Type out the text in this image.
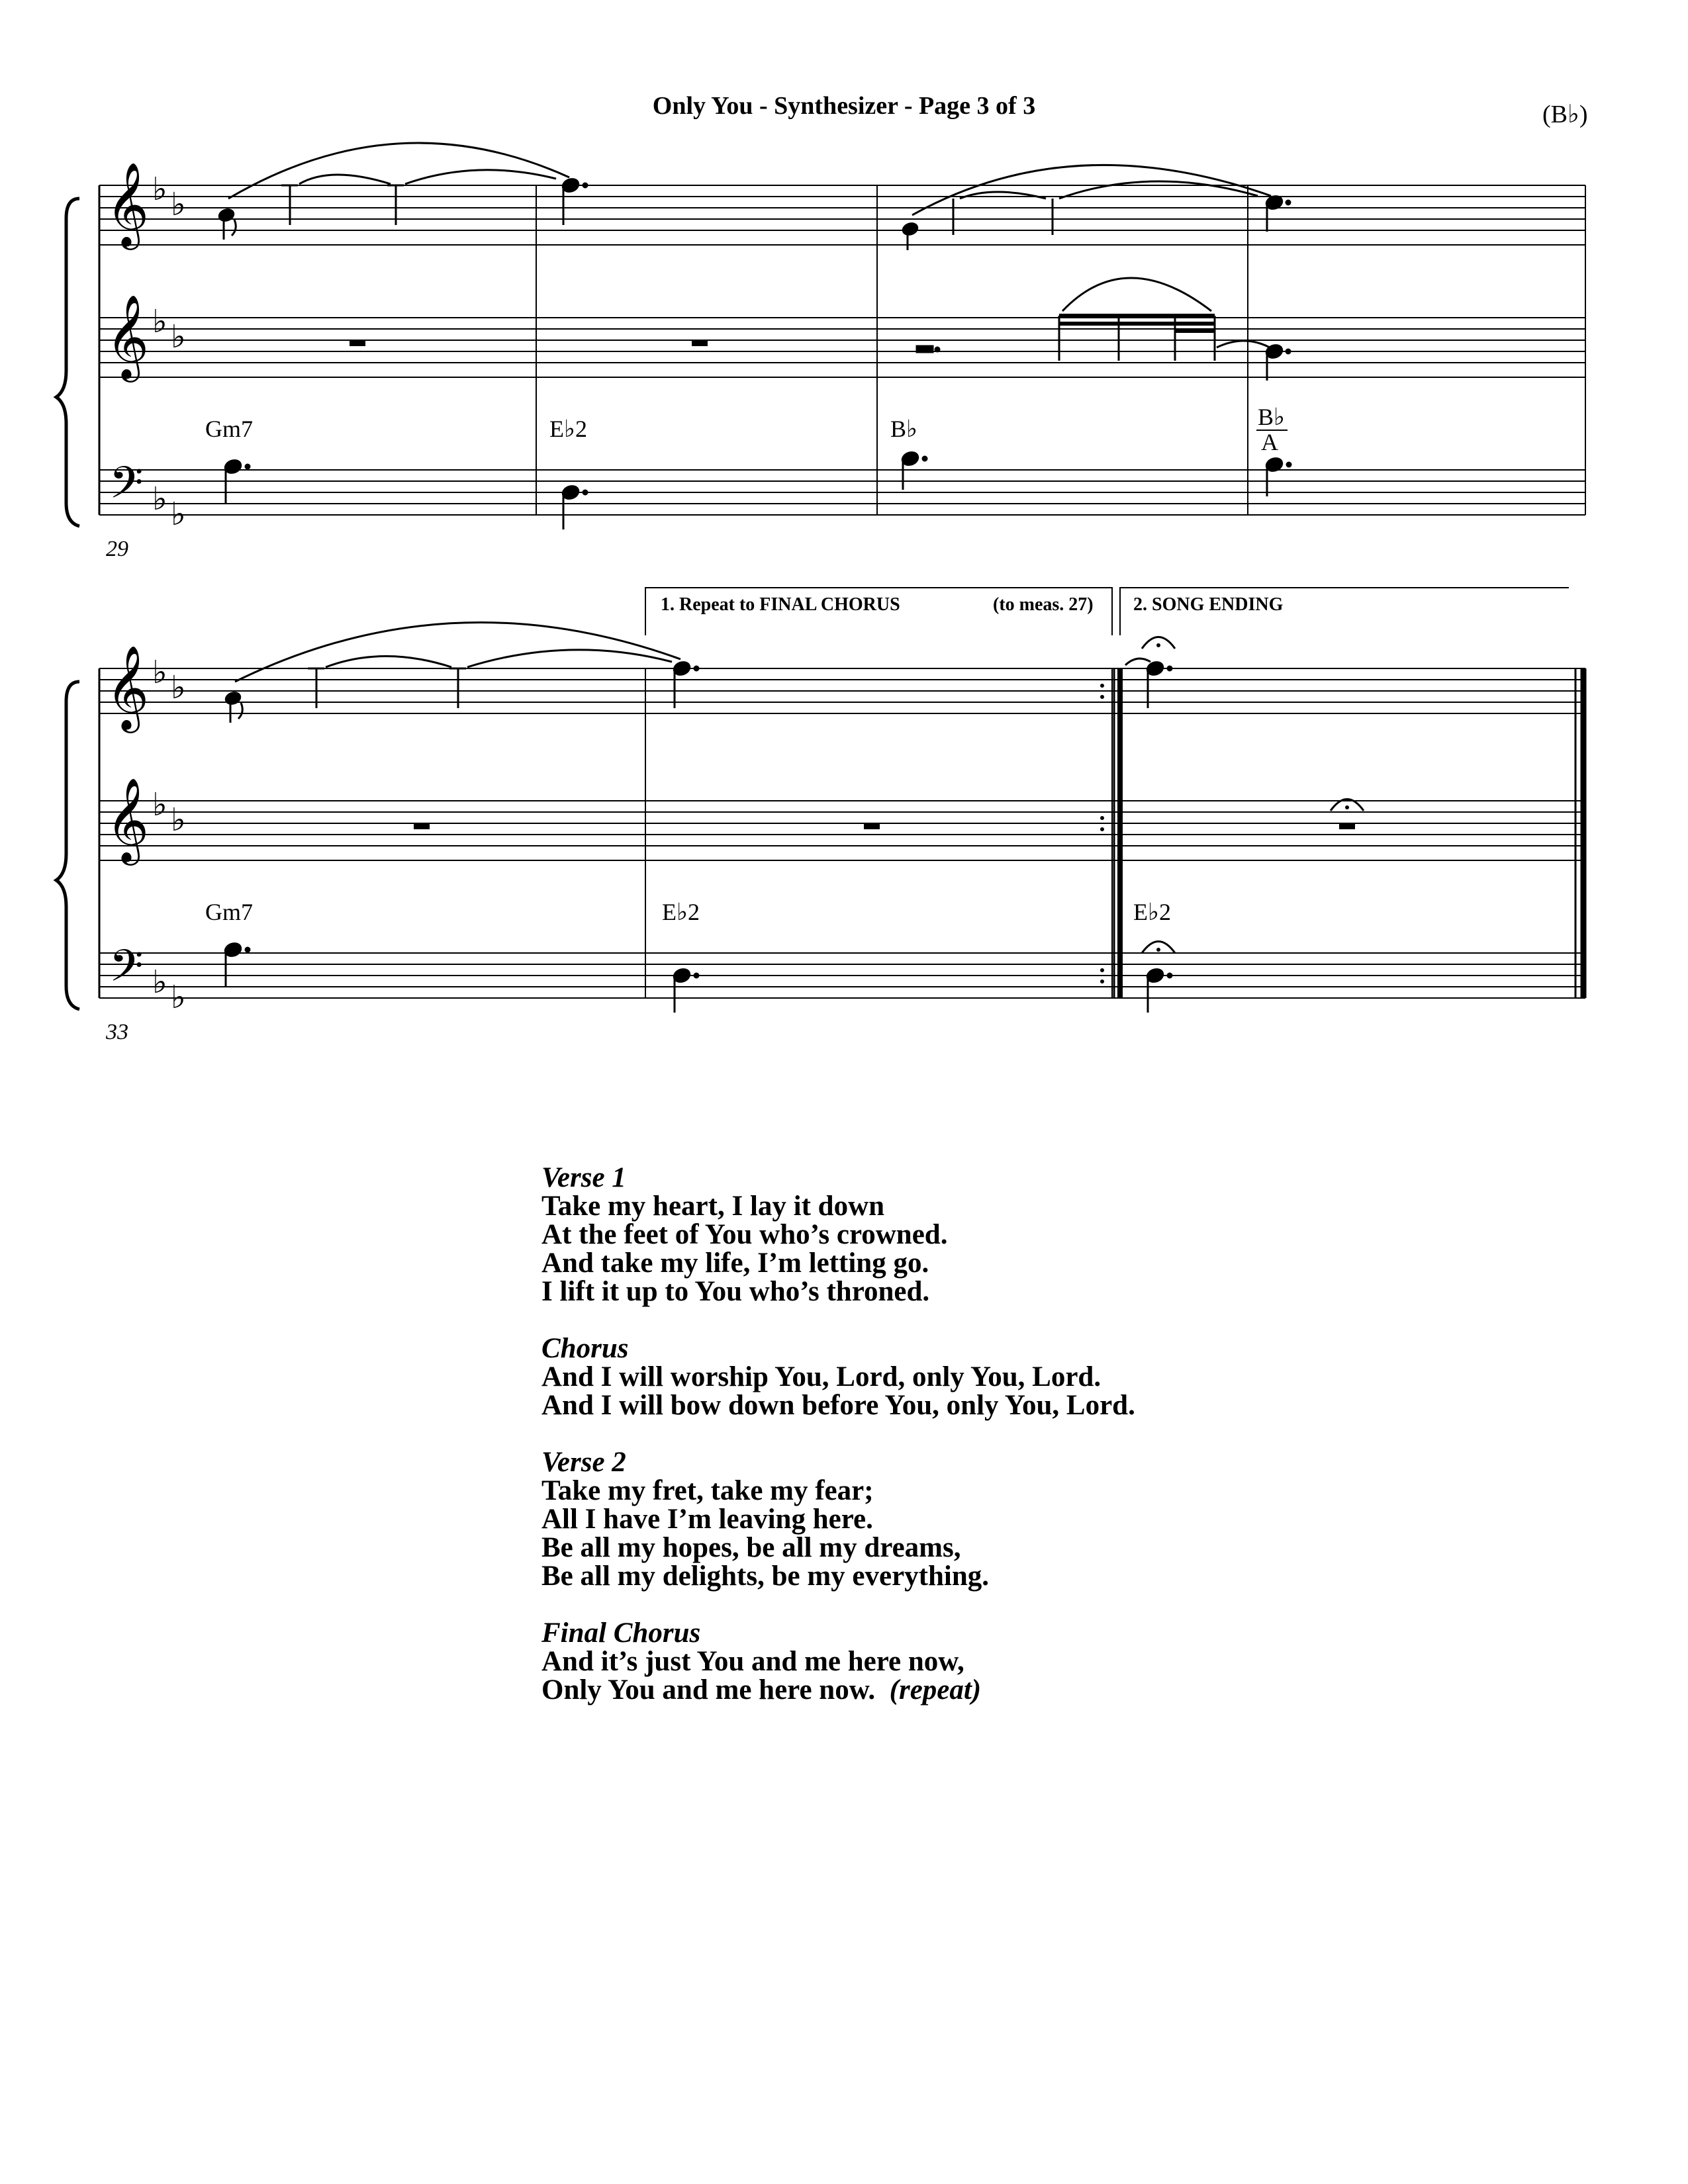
Only You - Synthesizer - Page 3 of 3	(B♭)
𝄞
𝄞
𝄢
♭ ♭
♭ ♭
♭ ♭
Gm7	E♭2	B♭	B♭
A
29
𝄞
𝄞
𝄢
♭ ♭
♭ ♭
♭ ♭
1. Repeat to FINAL CHORUS	(to meas. 27) 2. SONG ENDING
Gm7	E♭2	E♭2
33
Verse 1
Take my heart, I lay it down
At the feet of You who’s crowned.
And take my life, I’m letting go.
I lift it up to You who’s throned.
Chorus
And I will worship You, Lord, only You, Lord.
And I will bow down before You, only You, Lord.
Verse 2
Take my fret, take my fear;
All I have I’m leaving here.
Be all my hopes, be all my dreams,
Be all my delights, be my everything.
Final Chorus
And it’s just You and me here now,
Only You and me here now. (repeat)
